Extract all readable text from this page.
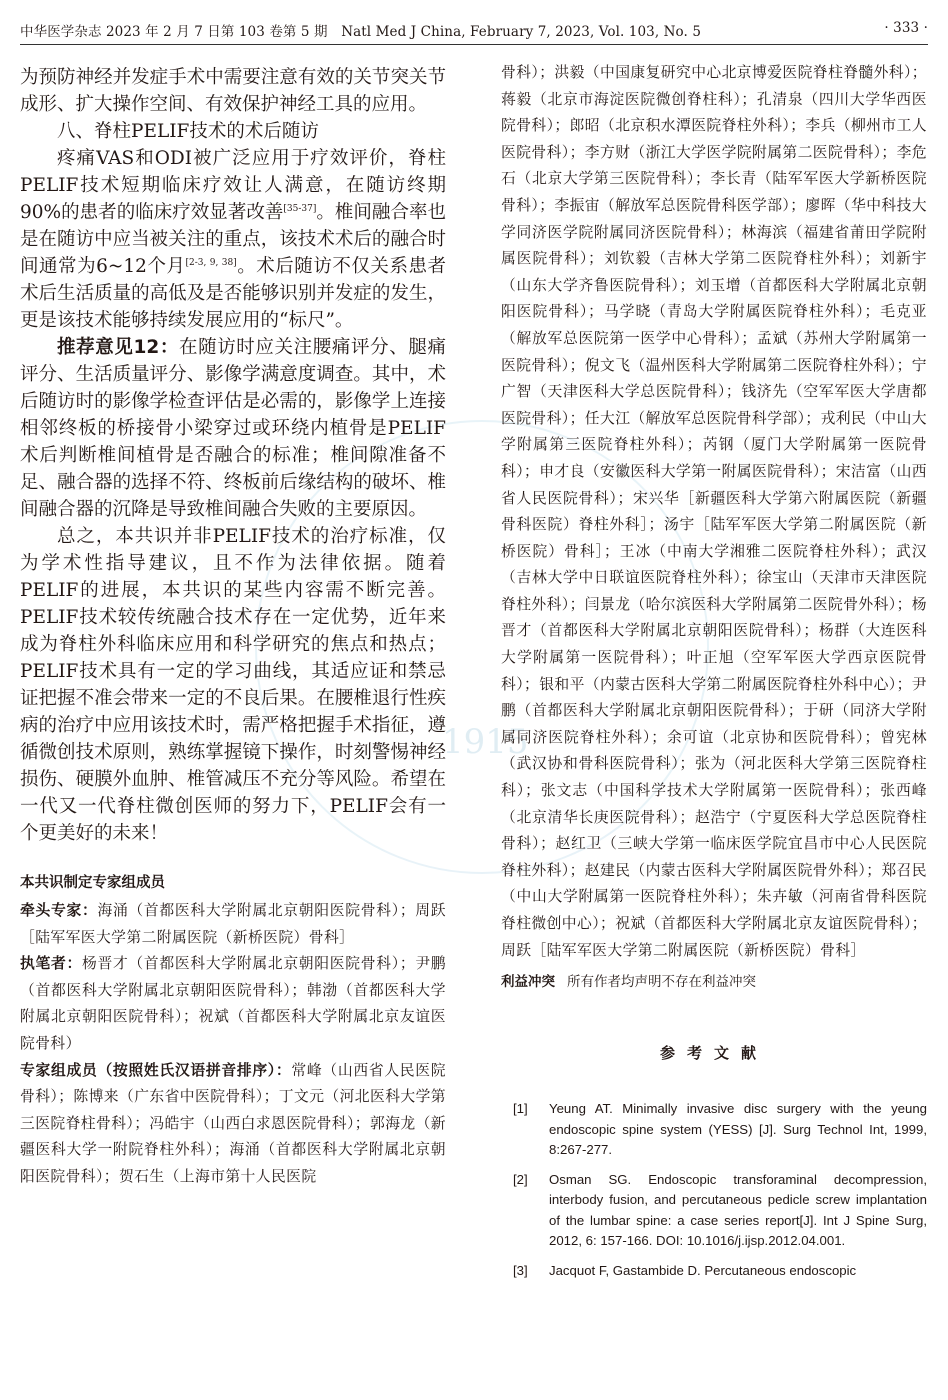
1915
中华医学杂志 2023 年 2 月 7 日第 103 卷第 5 期　Natl Med J China, February 7, 2023, Vol. 103, No. 5	· 333 ·

为预防神经并发症手术中需要注意有效的关节突关节成形、扩大操作空间、有效保护神经工具的应用。

八、脊柱PELIF技术的术后随访

疼痛VAS和ODI被广泛应用于疗效评价，脊柱PELIF技术短期临床疗效让人满意，在随访终期90%的患者的临床疗效显著改善[35-37]。椎间融合率也是在随访中应当被关注的重点，该技术术后的融合时间通常为6~12个月[2-3, 9, 38]。术后随访不仅关系患者术后生活质量的高低及是否能够识别并发症的发生，更是该技术能够持续发展应用的“标尺”。

推荐意见12：在随访时应关注腰痛评分、腿痛评分、生活质量评分、影像学满意度调查。其中，术后随访时的影像学检查评估是必需的，影像学上连接相邻终板的桥接骨小梁穿过或环绕内植骨是PELIF术后判断椎间植骨是否融合的标准；椎间隙准备不足、融合器的选择不符、终板前后缘结构的破坏、椎间融合器的沉降是导致椎间融合失败的主要原因。

总之，本共识并非PELIF技术的治疗标准，仅为学术性指导建议，且不作为法律依据。随着PELIF的进展，本共识的某些内容需不断完善。PELIF技术较传统融合技术存在一定优势，近年来成为脊柱外科临床应用和科学研究的焦点和热点；PELIF技术具有一定的学习曲线，其适应证和禁忌证把握不准会带来一定的不良后果。在腰椎退行性疾病的治疗中应用该技术时，需严格把握手术指征，遵循微创技术原则，熟练掌握镜下操作，时刻警惕神经损伤、硬膜外血肿、椎管减压不充分等风险。希望在一代又一代脊柱微创医师的努力下，PELIF会有一个更美好的未来！

本共识制定专家组成员

牵头专家：海涌（首都医科大学附属北京朝阳医院骨科）；周跃［陆军军医大学第二附属医院（新桥医院）骨科］

执笔者：杨晋才（首都医科大学附属北京朝阳医院骨科）；尹鹏（首都医科大学附属北京朝阳医院骨科）；韩渤（首都医科大学附属北京朝阳医院骨科）；祝斌（首都医科大学附属北京友谊医院骨科）

专家组成员（按照姓氏汉语拼音排序）：常峰（山西省人民医院骨科）；陈博来（广东省中医院骨科）；丁文元（河北医科大学第三医院脊柱骨科）；冯皓宇（山西白求恩医院骨科）；郭海龙（新疆医科大学一附院脊柱外科）；海涌（首都医科大学附属北京朝阳医院骨科）；贺石生（上海市第十人民医院

骨科）；洪毅（中国康复研究中心北京博爱医院脊柱脊髓外科）；蒋毅（北京市海淀医院微创脊柱科）；孔清泉（四川大学华西医院骨科）；郎昭（北京积水潭医院脊柱外科）；李兵（柳州市工人医院骨科）；李方财（浙江大学医学院附属第二医院骨科）；李危石（北京大学第三医院骨科）；李长青（陆军军医大学新桥医院骨科）；李振宙（解放军总医院骨科医学部）；廖晖（华中科技大学同济医学院附属同济医院骨科）；林海滨（福建省莆田学院附属医院骨科）；刘钦毅（吉林大学第二医院脊柱外科）；刘新宇（山东大学齐鲁医院骨科）；刘玉增（首都医科大学附属北京朝阳医院骨科）；马学晓（青岛大学附属医院脊柱外科）；毛克亚（解放军总医院第一医学中心骨科）；孟斌（苏州大学附属第一医院骨科）；倪文飞（温州医科大学附属第二医院脊柱外科）；宁广智（天津医科大学总医院骨科）；钱济先（空军军医大学唐都医院骨科）；任大江（解放军总医院骨科学部）；戎利民（中山大学附属第三医院脊柱外科）；芮钢（厦门大学附属第一医院骨科）；申才良（安徽医科大学第一附属医院骨科）；宋洁富（山西省人民医院骨科）；宋兴华［新疆医科大学第六附属医院（新疆骨科医院）脊柱外科］；汤宇［陆军军医大学第二附属医院（新桥医院）骨科］；王冰（中南大学湘雅二医院脊柱外科）；武汉（吉林大学中日联谊医院脊柱外科）；徐宝山（天津市天津医院脊柱外科）；闫景龙（哈尔滨医科大学附属第二医院骨外科）；杨晋才（首都医科大学附属北京朝阳医院骨科）；杨群（大连医科大学附属第一医院骨科）；叶正旭（空军军医大学西京医院骨科）；银和平（内蒙古医科大学第二附属医院脊柱外科中心）；尹鹏（首都医科大学附属北京朝阳医院骨科）；于研（同济大学附属同济医院脊柱外科）；余可谊（北京协和医院骨科）；曾宪林（武汉协和骨科医院骨科）；张为（河北医科大学第三医院脊柱科）；张文志（中国科学技术大学附属第一医院骨科）；张西峰（北京清华长庚医院骨科）；赵浩宁（宁夏医科大学总医院脊柱骨科）；赵红卫（三峡大学第一临床医学院宜昌市中心人民医院脊柱外科）；赵建民（内蒙古医科大学附属医院骨外科）；郑召民（中山大学附属第一医院脊柱外科）；朱卉敏（河南省骨科医院脊柱微创中心）；祝斌（首都医科大学附属北京友谊医院骨科）；周跃［陆军军医大学第二附属医院（新桥医院）骨科］

利益冲突 所有作者均声明不存在利益冲突
参考文献
[1]	Yeung AT. Minimally invasive disc surgery with the yeung endoscopic spine system (YESS) [J]. Surg Technol Int, 1999, 8:267-277.
[2]	Osman SG. Endoscopic transforaminal decompression, interbody fusion, and percutaneous pedicle screw implantation of the lumbar spine: a case series report[J]. Int J Spine Surg, 2012, 6: 157-166. DOI: 10.1016/j.ijsp.2012.04.001.
[3]	Jacquot F, Gastambide D. Percutaneous endoscopic
